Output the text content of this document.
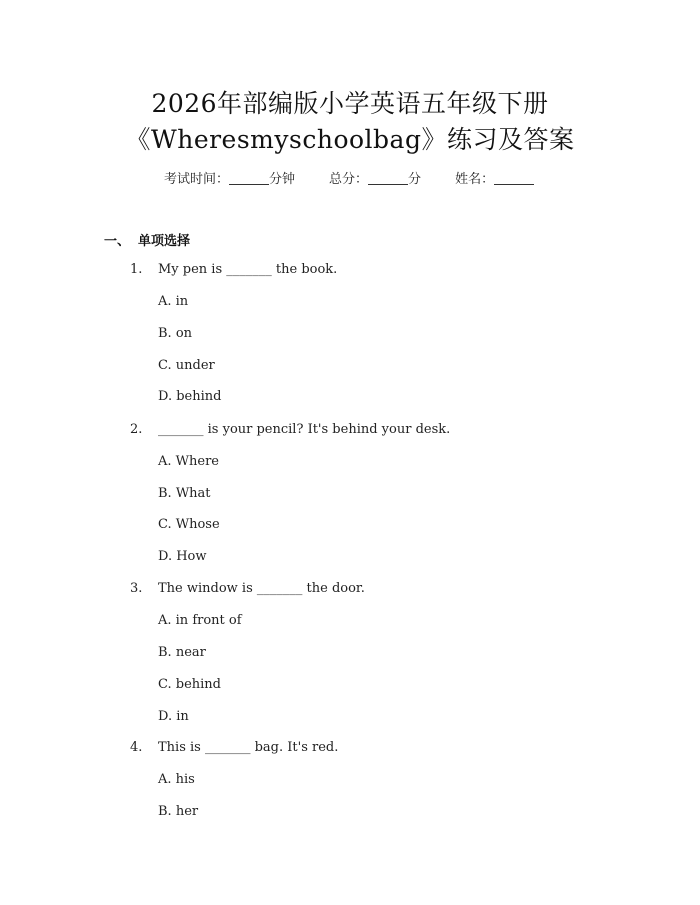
2026年部编版小学英语五年级下册
《Wheresmyschoolbag》练习及答案
考试时间：	分钟	总分：	分	姓名：
一、 单项选择
1. My pen is _______ the book.
A. in
B. on
C. under
D. behind
2. _______ is your pencil? It's behind your desk.
A. Where
B. What
C. Whose
D. How
3. The window is _______ the door.
A. in front of
B. near
C. behind
D. in
4. This is _______ bag. It's red.
A. his
B. her
